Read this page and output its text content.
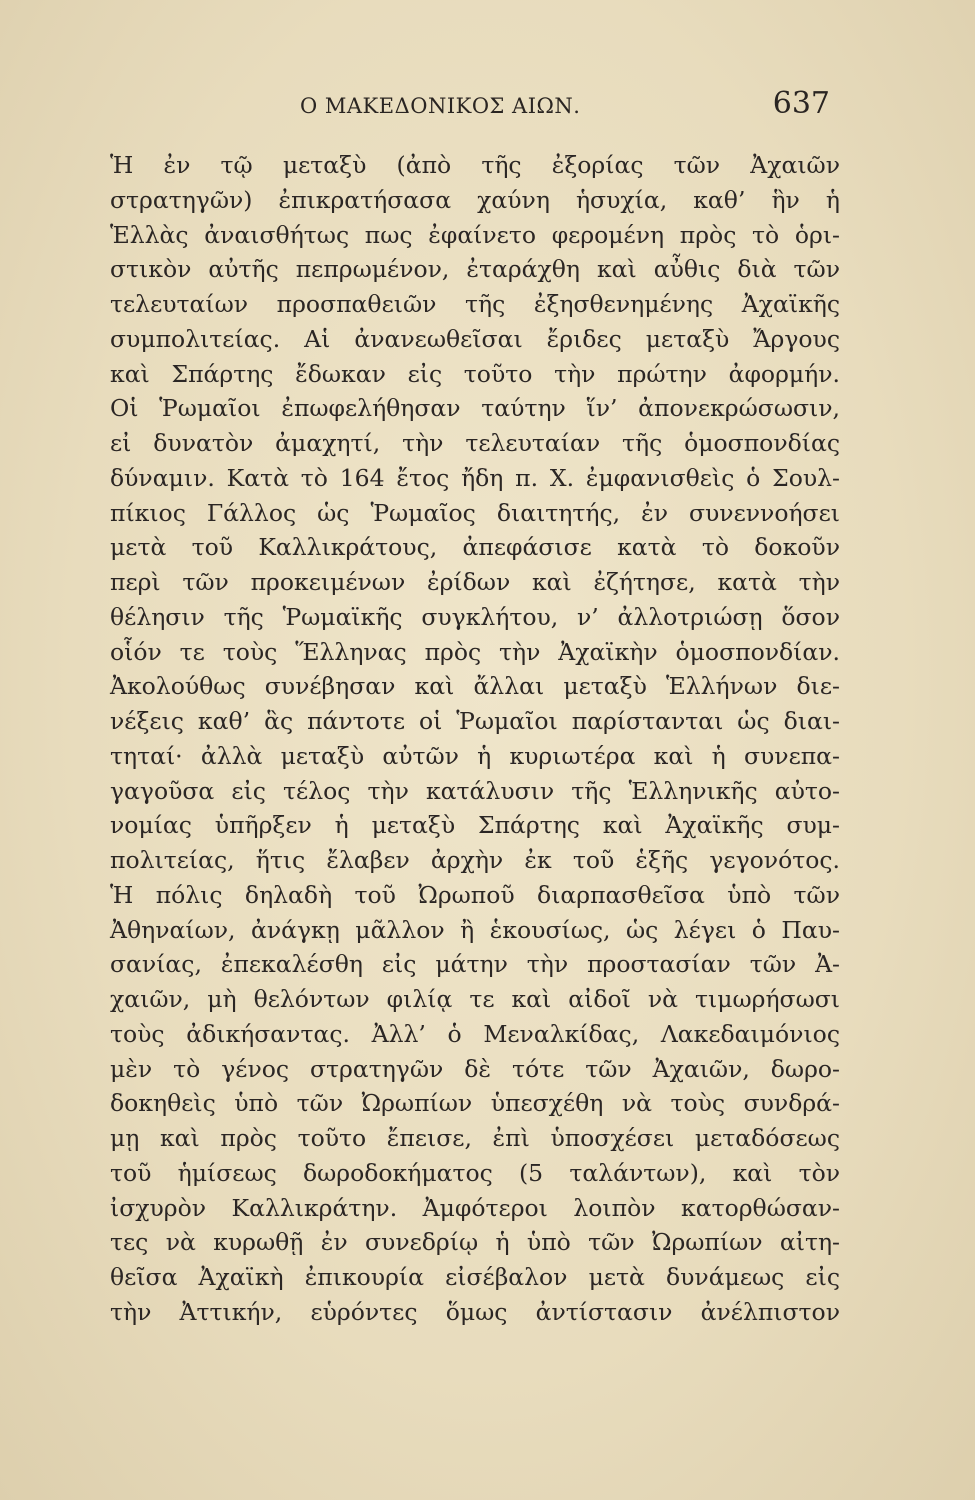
Ο ΜΑΚΕΔΟΝΙΚΟΣ ΑΙΩΝ.	637
Ἡ ἐν τῷ μεταξὺ (ἀπὸ τῆς ἐξορίας τῶν Ἀχαιῶν
στρατηγῶν) ἐπικρατήσασα χαύνη ἡσυχία, καθ’ ἣν ἡ
Ἑλλὰς ἀναισθήτως πως ἐφαίνετο φερομένη πρὸς τὸ ὁρι-
στικὸν αὐτῆς πεπρωμένον, ἐταράχθη καὶ αὖθις διὰ τῶν
τελευταίων προσπαθειῶν τῆς ἐξησθενημένης Ἀχαϊκῆς
συμπολιτείας. Αἱ ἀνανεωθεῖσαι ἔριδες μεταξὺ Ἄργους
καὶ Σπάρτης ἔδωκαν εἰς τοῦτο τὴν πρώτην ἀφορμήν.
Οἱ Ῥωμαῖοι ἐπωφελήθησαν ταύτην ἵν’ ἀπονεκρώσωσιν,
εἰ δυνατὸν ἀμαχητί, τὴν τελευταίαν τῆς ὁμοσπονδίας
δύναμιν. Κατὰ τὸ 164 ἔτος ἤδη π. Χ. ἐμφανισθεὶς ὁ Σουλ-
πίκιος Γάλλος ὡς Ῥωμαῖος διαιτητής, ἐν συνεννοήσει
μετὰ τοῦ Καλλικράτους, ἀπεφάσισε κατὰ τὸ δοκοῦν
περὶ τῶν προκειμένων ἐρίδων καὶ ἐζήτησε, κατὰ τὴν
θέλησιν τῆς Ῥωμαϊκῆς συγκλήτου, ν’ ἀλλοτριώσῃ ὅσον
οἷόν τε τοὺς Ἕλληνας πρὸς τὴν Ἀχαϊκὴν ὁμοσπονδίαν.
Ἀκολούθως συνέβησαν καὶ ἄλλαι μεταξὺ Ἑλλήνων διε-
νέξεις καθ’ ἃς πάντοτε οἱ Ῥωμαῖοι παρίστανται ὡς διαι-
τηταί· ἀλλὰ μεταξὺ αὐτῶν ἡ κυριωτέρα καὶ ἡ συνεπα-
γαγοῦσα εἰς τέλος τὴν κατάλυσιν τῆς Ἑλληνικῆς αὐτο-
νομίας ὑπῆρξεν ἡ μεταξὺ Σπάρτης καὶ Ἀχαϊκῆς συμ-
πολιτείας, ἥτις ἔλαβεν ἀρχὴν ἐκ τοῦ ἑξῆς γεγονότος.
Ἡ πόλις δηλαδὴ τοῦ Ὠρωποῦ διαρπασθεῖσα ὑπὸ τῶν
Ἀθηναίων, ἀνάγκῃ μᾶλλον ἢ ἑκουσίως, ὡς λέγει ὁ Παυ-
σανίας, ἐπεκαλέσθη εἰς μάτην τὴν προστασίαν τῶν Ἀ-
χαιῶν, μὴ θελόντων φιλίᾳ τε καὶ αἰδοῖ νὰ τιμωρήσωσι
τοὺς ἀδικήσαντας. Ἀλλ’ ὁ Μεναλκίδας, Λακεδαιμόνιος
μὲν τὸ γένος στρατηγῶν δὲ τότε τῶν Ἀχαιῶν, δωρο-
δοκηθεὶς ὑπὸ τῶν Ὠρωπίων ὑπεσχέθη νὰ τοὺς συνδρά-
μῃ καὶ πρὸς τοῦτο ἔπεισε, ἐπὶ ὑποσχέσει μεταδόσεως
τοῦ ἡμίσεως δωροδοκήματος (5 ταλάντων), καὶ τὸν
ἰσχυρὸν Καλλικράτην. Ἀμφότεροι λοιπὸν κατορθώσαν-
τες νὰ κυρωθῇ ἐν συνεδρίῳ ἡ ὑπὸ τῶν Ὠρωπίων αἰτη-
θεῖσα Ἀχαϊκὴ ἐπικουρία εἰσέβαλον μετὰ δυνάμεως εἰς
τὴν Ἀττικήν, εὑρόντες ὅμως ἀντίστασιν ἀνέλπιστον
